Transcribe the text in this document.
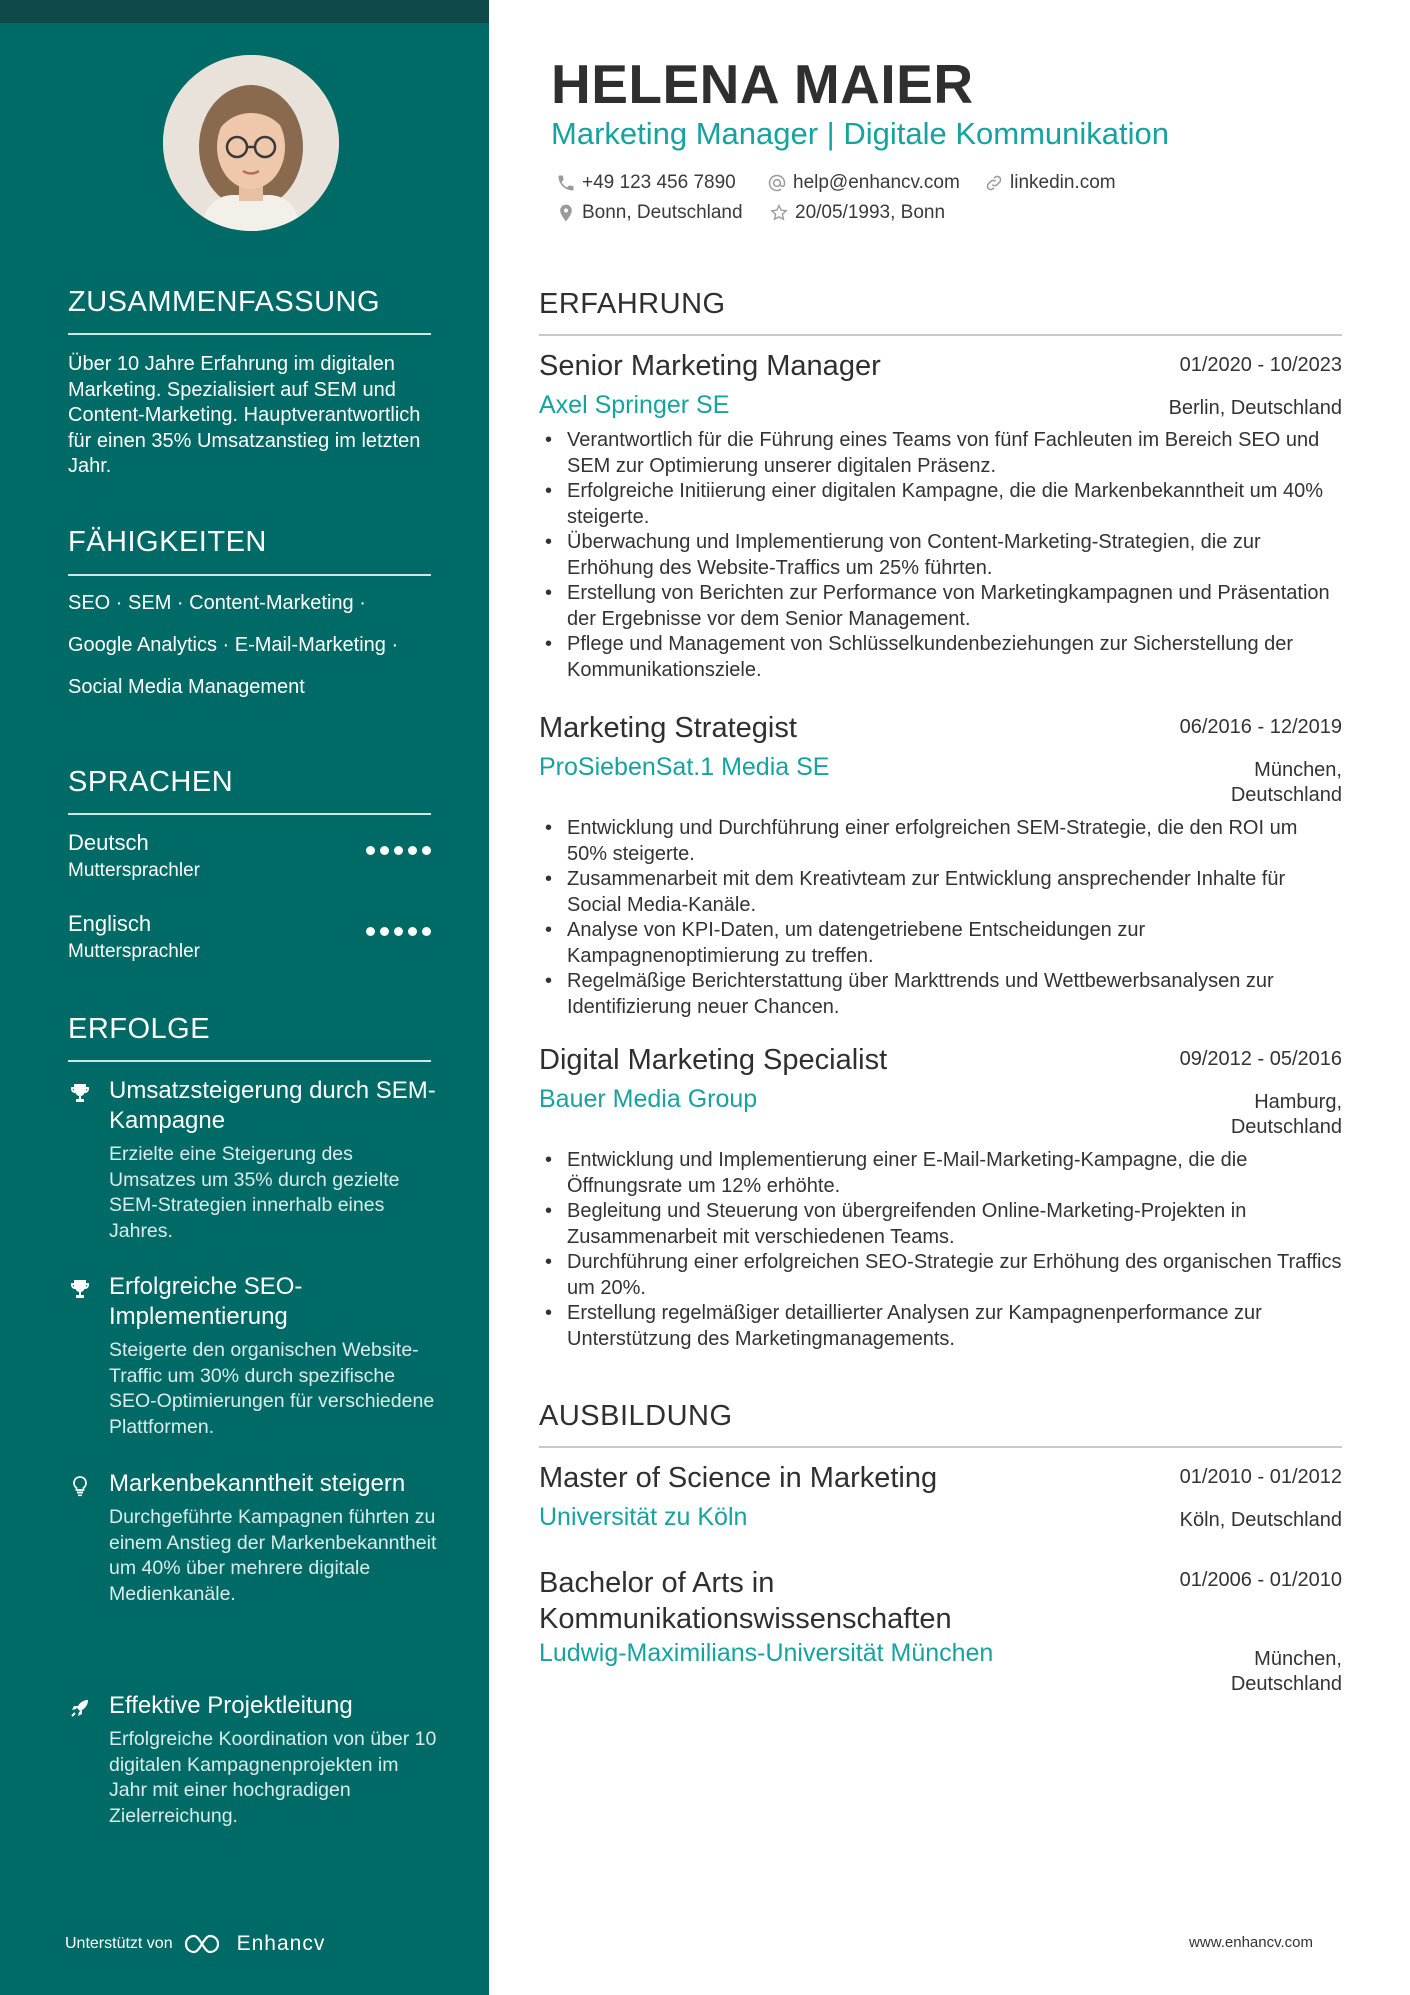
ZUSAMMENFASSUNG
Über 10 Jahre Erfahrung im digitalen Marketing. Spezialisiert auf SEM und Content-Marketing. Hauptverantwortlich für einen 35% Umsatzanstieg im letzten Jahr.
FÄHIGKEITEN
SEO · SEM · Content-Marketing ·
Google Analytics · E-Mail-Marketing ·
Social Media Management
SPRACHEN
Deutsch
Muttersprachler
Englisch
Muttersprachler
ERFOLGE
Umsatzsteigerung durch SEM-Kampagne
Erzielte eine Steigerung des Umsatzes um 35% durch gezielte SEM-Strategien innerhalb eines Jahres.
Erfolgreiche SEO-Implementierung
Steigerte den organischen Website-Traffic um 30% durch spezifische SEO-Optimierungen für verschiedene Plattformen.
Markenbekanntheit steigern
Durchgeführte Kampagnen führten zu einem Anstieg der Markenbekanntheit um 40% über mehrere digitale Medienkanäle.
Effektive Projektleitung
Erfolgreiche Koordination von über 10 digitalen Kampagnenprojekten im Jahr mit einer hochgradigen Zielerreichung.
Unterstützt von	Enhancv
HELENA MAIER
Marketing Manager | Digitale Kommunikation
+49 123 456 7890	help@enhancv.com	linkedin.com
Bonn, Deutschland	20/05/1993, Bonn
ERFAHRUNG
Senior Marketing Manager	01/2020 - 10/2023
Axel Springer SE	Berlin, Deutschland
• Verantwortlich für die Führung eines Teams von fünf Fachleuten im Bereich SEO und SEM zur Optimierung unserer digitalen Präsenz.
• Erfolgreiche Initiierung einer digitalen Kampagne, die die Markenbekanntheit um 40% steigerte.
• Überwachung und Implementierung von Content-Marketing-Strategien, die zur Erhöhung des Website-Traffics um 25% führten.
• Erstellung von Berichten zur Performance von Marketingkampagnen und Präsentation der Ergebnisse vor dem Senior Management.
• Pflege und Management von Schlüsselkundenbeziehungen zur Sicherstellung der Kommunikationsziele.
Marketing Strategist	06/2016 - 12/2019
ProSiebenSat.1 Media SE	München,
Deutschland
• Entwicklung und Durchführung einer erfolgreichen SEM-Strategie, die den ROI um 50% steigerte.
• Zusammenarbeit mit dem Kreativteam zur Entwicklung ansprechender Inhalte für Social Media-Kanäle.
• Analyse von KPI-Daten, um datengetriebene Entscheidungen zur Kampagnenoptimierung zu treffen.
• Regelmäßige Berichterstattung über Markttrends und Wettbewerbsanalysen zur Identifizierung neuer Chancen.
Digital Marketing Specialist	09/2012 - 05/2016
Bauer Media Group	Hamburg,
Deutschland
• Entwicklung und Implementierung einer E-Mail-Marketing-Kampagne, die die Öffnungsrate um 12% erhöhte.
• Begleitung und Steuerung von übergreifenden Online-Marketing-Projekten in Zusammenarbeit mit verschiedenen Teams.
• Durchführung einer erfolgreichen SEO-Strategie zur Erhöhung des organischen Traffics um 20%.
• Erstellung regelmäßiger detaillierter Analysen zur Kampagnenperformance zur Unterstützung des Marketingmanagements.
AUSBILDUNG
Master of Science in Marketing	01/2010 - 01/2012
Universität zu Köln	Köln, Deutschland
Bachelor of Arts in
Kommunikationswissenschaften
01/2006 - 01/2010
Ludwig-Maximilians-Universität München	München,
Deutschland
www.enhancv.com
